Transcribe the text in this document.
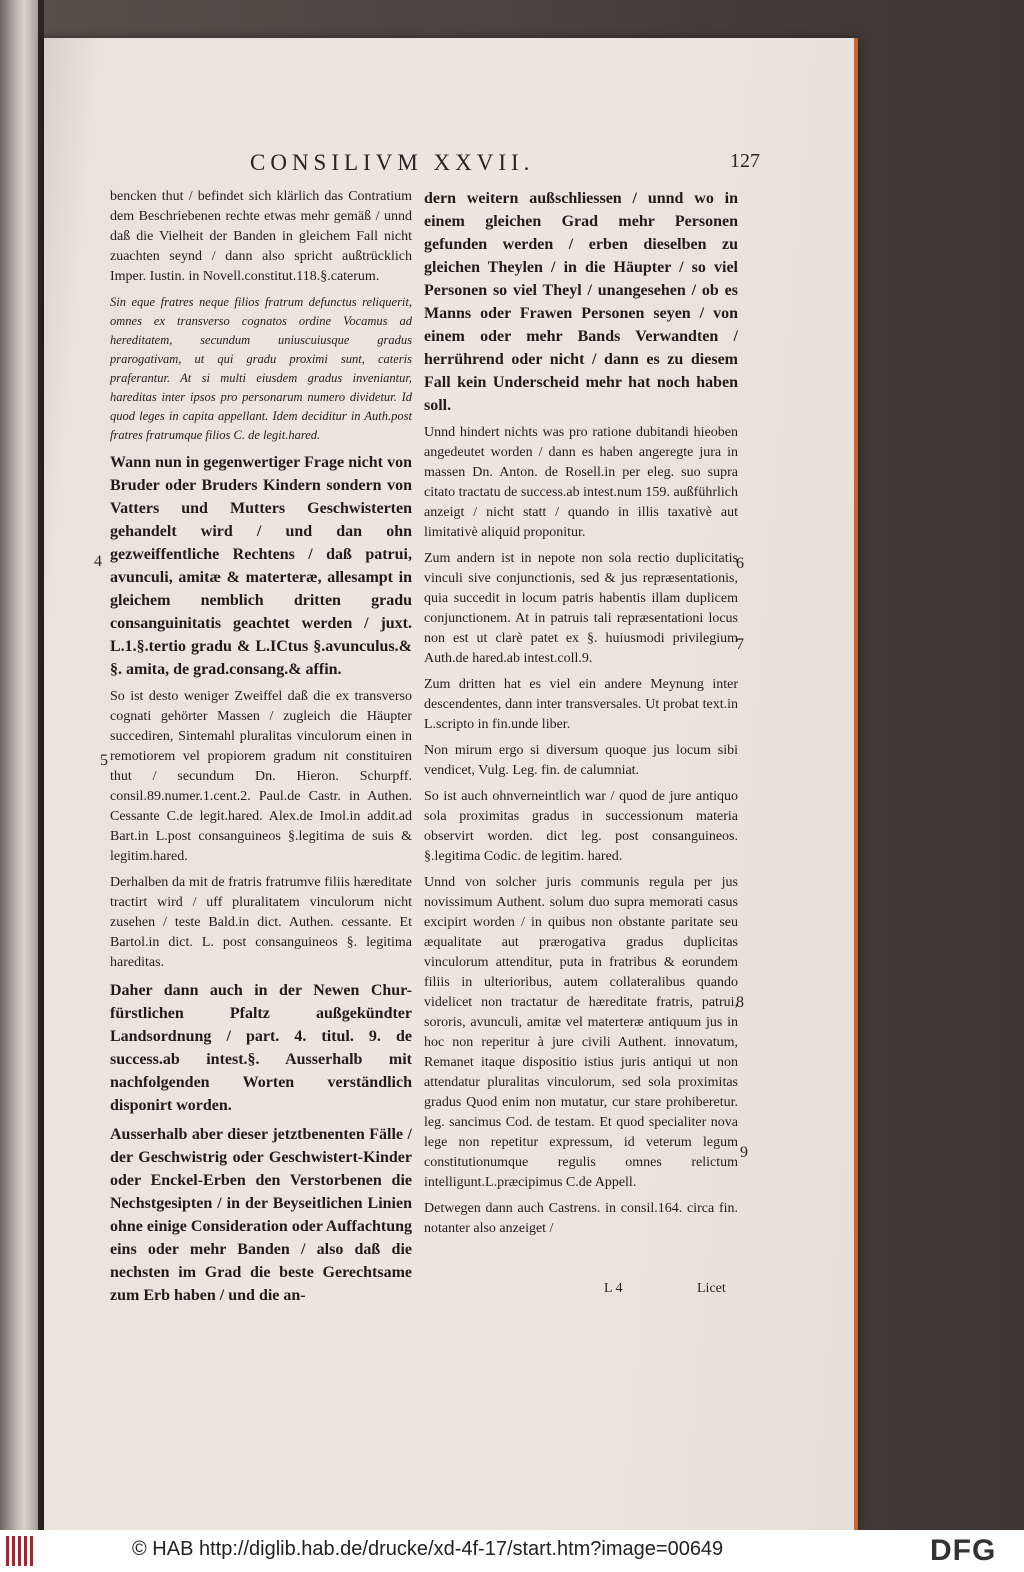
CONSILIVM XXVII.	127

bencken thut / befindet sich klärlich das Contratium dem Beschriebenen rechte etwas mehr gemäß / unnd daß die Vielheit der Banden in gleichem Fall nicht zuachten seynd / dann also spricht außtrücklich Imper. Iustin. in Novell.constitut.118.§.caterum.

Sin eque fratres neque filios fratrum defunctus reliquerit, omnes ex transverso cognatos ordine Vocamus ad hereditatem, secundum uniuscuiusque gradus prarogativam, ut qui gradu proximi sunt, cateris praferantur. At si multi eiusdem gradus inveniantur, hareditas inter ipsos pro personarum numero dividetur. Id quod leges in capita appellant. Idem deciditur in Auth.post fratres fratrumque filios C. de legit.hared.

Wann nun in gegenwertiger Frage nicht von Bruder oder Bruders Kindern sondern von Vatters und Mutters Geschwisterten gehandelt wird / und dan ohn gezweiffentliche Rechtens / daß patrui, avunculi, amitæ & materteræ, allesampt in gleichem nemblich dritten gradu consanguinitatis geachtet werden / juxt. L.1.§.tertio gradu & L.ICtus §.avunculus.& §. amita, de grad.consang.& affin.

So ist desto weniger Zweiffel daß die ex transverso cognati gehörter Massen / zugleich die Häupter succediren, Sintemahl pluralitas vinculorum einen in remotiorem vel propiorem gradum nit constituiren thut / secundum Dn. Hieron. Schurpff. consil.89.numer.1.cent.2. Paul.de Castr. in Authen. Cessante C.de legit.hared. Alex.de Imol.in addit.ad Bart.in L.post consanguineos §.legitima de suis & legitim.hared.

Derhalben da mit de fratris fratrumve filiis hæreditate tractirt wird / uff pluralitatem vinculorum nicht zusehen / teste Bald.in dict. Authen. cessante. Et Bartol.in dict. L. post consanguineos §. legitima hareditas.

Daher dann auch in der Newen Chur-fürstlichen Pfaltz außgekündter Landsordnung / part. 4. titul. 9. de success.ab intest.§. Ausserhalb mit nachfolgenden Worten verständlich disponirt worden.

Ausserhalb aber dieser jetztbenenten Fälle / der Geschwistrig oder Geschwistert-Kinder oder Enckel-Erben den Verstorbenen die Nechstgesipten / in der Beyseitlichen Linien ohne einige Consideration oder Auffachtung eins oder mehr Banden / also daß die nechsten im Grad die beste Gerechtsame zum Erb haben / und die an-

dern weitern außschliessen / unnd wo in einem gleichen Grad mehr Personen gefunden werden / erben dieselben zu gleichen Theylen / in die Häupter / so viel Personen so viel Theyl / unangesehen / ob es Manns oder Frawen Personen seyen / von einem oder mehr Bands Verwandten / herrührend oder nicht / dann es zu diesem Fall kein Underscheid mehr hat noch haben soll.

Unnd hindert nichts was pro ratione dubitandi hieoben angedeutet worden / dann es haben angeregte jura in massen Dn. Anton. de Rosell.in per eleg. suo supra citato tractatu de success.ab intest.num 159. außführlich anzeigt / nicht statt / quando in illis taxativè aut limitativè aliquid proponitur.

Zum andern ist in nepote non sola rectio duplicitatis vinculi sive conjunctionis, sed & jus repræsentationis, quia succedit in locum patris habentis illam duplicem conjunctionem. At in patruis tali repræsentationi locus non est ut clarè patet ex §. huiusmodi privilegium Auth.de hared.ab intest.coll.9.

Zum dritten hat es viel ein andere Meynung inter descendentes, dann inter transversales. Ut probat text.in L.scripto in fin.unde liber.

Non mirum ergo si diversum quoque jus locum sibi vendicet, Vulg. Leg. fin. de calumniat.

So ist auch ohnverneintlich war / quod de jure antiquo sola proximitas gradus in successionum materia observirt worden. dict leg. post consanguineos. §.legitima Codic. de legitim. hared.

Unnd von solcher juris communis regula per jus novissimum Authent. solum duo supra memorati casus excipirt worden / in quibus non obstante paritate seu æqualitate aut prærogativa gradus duplicitas vinculorum attenditur, puta in fratribus & eorundem filiis in ulterioribus, autem collateralibus quando videlicet non tractatur de hæreditate fratris, patrui, sororis, avunculi, amitæ vel materteræ antiquum jus in hoc non reperitur à jure civili Authent. innovatum, Remanet itaque dispositio istius juris antiqui ut non attendatur pluralitas vinculorum, sed sola proximitas gradus Quod enim non mutatur, cur stare prohiberetur. leg. sancimus Cod. de testam. Et quod specialiter nova lege non repetitur expressum, id veterum legum constitutionumque regulis omnes relictum intelligunt.L.præcipimus C.de Appell.

Detwegen dann auch Castrens. in consil.164. circa fin. notanter also anzeiget /

4
5
6
7
8
9
L 4	Licet
© HAB http://diglib.hab.de/drucke/xd-4f-17/start.htm?image=00649	DFG
